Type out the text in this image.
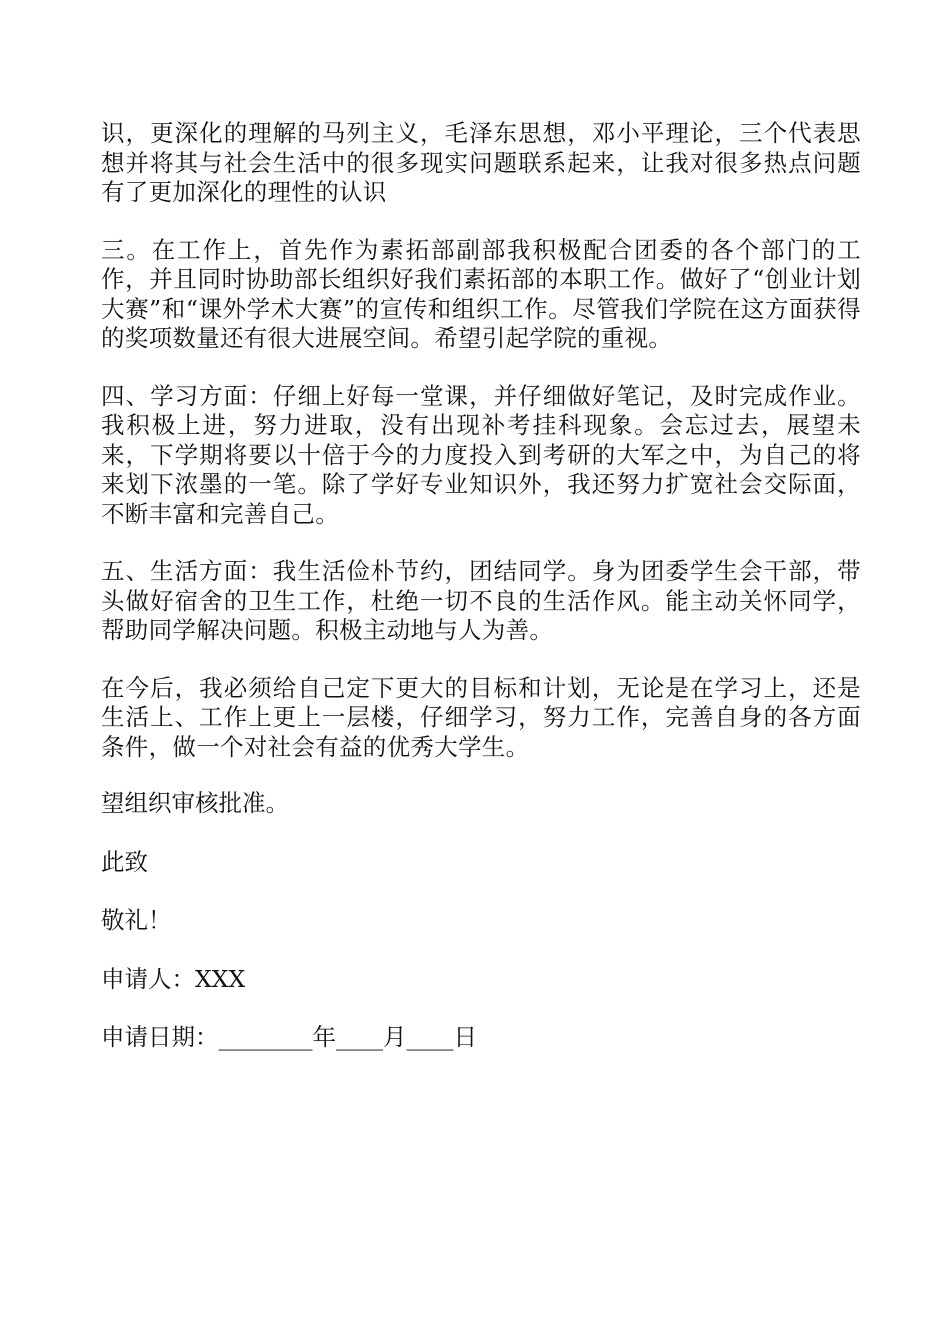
识，更深化的理解的马列主义，毛泽东思想，邓小平理论，三个代表思想并将其与社会生活中的很多现实问题联系起来，让我对很多热点问题有了更加深化的理性的认识

三。在工作上，首先作为素拓部副部我积极配合团委的各个部门的工作，并且同时协助部长组织好我们素拓部的本职工作。做好了“创业计划大赛”和“课外学术大赛”的宣传和组织工作。尽管我们学院在这方面获得的奖项数量还有很大进展空间。希望引起学院的重视。

四、学习方面：仔细上好每一堂课，并仔细做好笔记，及时完成作业。我积极上进，努力进取，没有出现补考挂科现象。会忘过去，展望未来，下学期将要以十倍于今的力度投入到考研的大军之中，为自己的将来划下浓墨的一笔。除了学好专业知识外，我还努力扩宽社会交际面，不断丰富和完善自己。

五、生活方面：我生活俭朴节约，团结同学。身为团委学生会干部，带头做好宿舍的卫生工作，杜绝一切不良的生活作风。能主动关怀同学，帮助同学解决问题。积极主动地与人为善。

在今后，我必须给自己定下更大的目标和计划，无论是在学习上，还是生活上、工作上更上一层楼，仔细学习，努力工作，完善自身的各方面条件，做一个对社会有益的优秀大学生。

望组织审核批准。

此致

敬礼！

申请人：XXX

申请日期：________年____月____日
